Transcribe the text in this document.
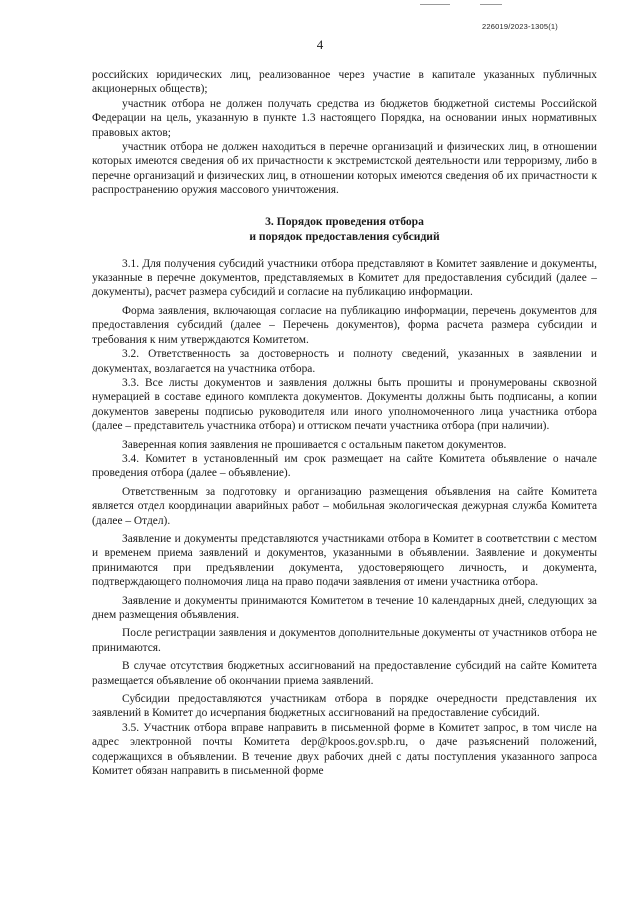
226019/2023-1305(1)
4

российских юридических лиц, реализованное через участие в капитале указанных публичных акционерных обществ);

участник отбора не должен получать средства из бюджетов бюджетной системы Российской Федерации на цель, указанную в пункте 1.3 настоящего Порядка, на основании иных нормативных правовых актов;

участник отбора не должен находиться в перечне организаций и физических лиц, в отношении которых имеются сведения об их причастности к экстремистской деятельности или терроризму, либо в перечне организаций и физических лиц, в отношении которых имеются сведения об их причастности к распространению оружия массового уничтожения.

3. Порядок проведения отбора
и порядок предоставления субсидий

3.1. Для получения субсидий участники отбора представляют в Комитет заявление и документы, указанные в перечне документов, представляемых в Комитет для предоставления субсидий (далее – документы), расчет размера субсидий и согласие на публикацию информации.

Форма заявления, включающая согласие на публикацию информации, перечень документов для предоставления субсидий (далее – Перечень документов), форма расчета размера субсидии и требования к ним утверждаются Комитетом.

3.2. Ответственность за достоверность и полноту сведений, указанных в заявлении и документах, возлагается на участника отбора.

3.3. Все листы документов и заявления должны быть прошиты и пронумерованы сквозной нумерацией в составе единого комплекта документов. Документы должны быть подписаны, а копии документов заверены подписью руководителя или иного уполномоченного лица участника отбора (далее – представитель участника отбора) и оттиском печати участника отбора (при наличии).

Заверенная копия заявления не прошивается с остальным пакетом документов.

3.4. Комитет в установленный им срок размещает на сайте Комитета объявление о начале проведения отбора (далее – объявление).

Ответственным за подготовку и организацию размещения объявления на сайте Комитета является отдел координации аварийных работ – мобильная экологическая дежурная служба Комитета (далее – Отдел).

Заявление и документы представляются участниками отбора в Комитет в соответствии с местом и временем приема заявлений и документов, указанными в объявлении. Заявление и документы принимаются при предъявлении документа, удостоверяющего личность, и документа, подтверждающего полномочия лица на право подачи заявления от имени участника отбора.

Заявление и документы принимаются Комитетом в течение 10 календарных дней, следующих за днем размещения объявления.

После регистрации заявления и документов дополнительные документы от участников отбора не принимаются.

В случае отсутствия бюджетных ассигнований на предоставление субсидий на сайте Комитета размещается объявление об окончании приема заявлений.

Субсидии предоставляются участникам отбора в порядке очередности представления их заявлений в Комитет до исчерпания бюджетных ассигнований на предоставление субсидий.

3.5. Участник отбора вправе направить в письменной форме в Комитет запрос, в том числе на адрес электронной почты Комитета dep@kpoos.gov.spb.ru, о даче разъяснений положений, содержащихся в объявлении. В течение двух рабочих дней с даты поступления указанного запроса Комитет обязан направить в письменной форме
